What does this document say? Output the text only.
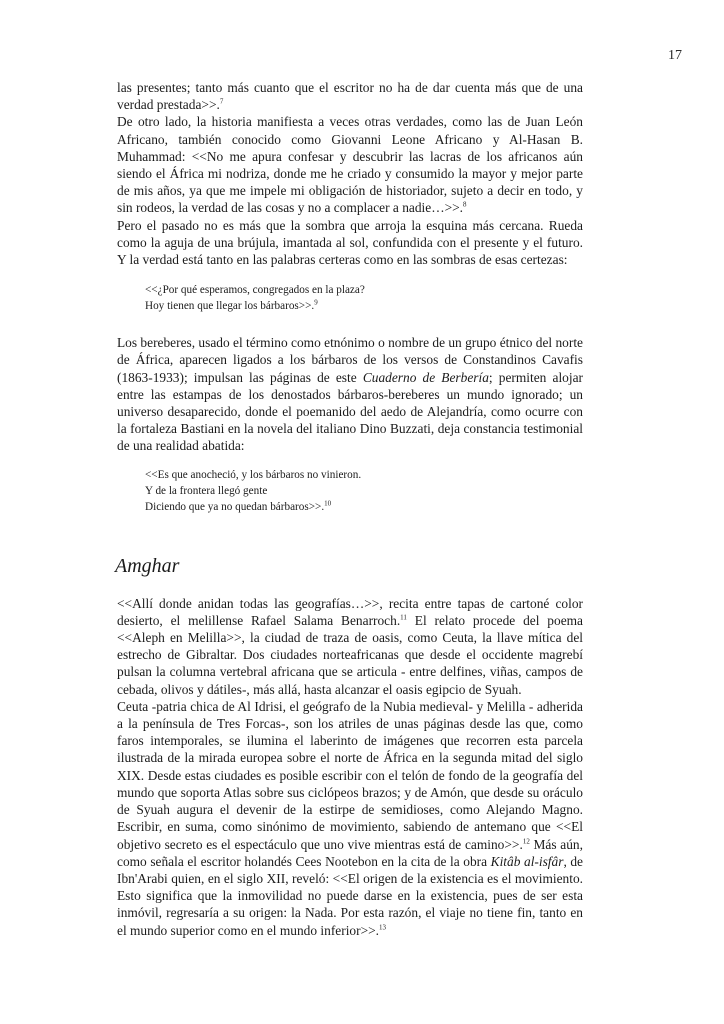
17

las presentes; tanto más cuanto que el escritor no ha de dar cuenta más que de una verdad prestada>>.$^7$

De otro lado, la historia manifiesta a veces otras verdades, como las de Juan León Africano, también conocido como Giovanni Leone Africano y Al-Hasan B. Muhammad: <<No me apura confesar y descubrir las lacras de los africanos aún siendo el África mi nodriza, donde me he criado y consumido la mayor y mejor parte de mis años, ya que me impele mi obligación de historiador, sujeto a decir en todo, y sin rodeos, la verdad de las cosas y no a complacer a nadie…>>.$^8$

Pero el pasado no es más que la sombra que arroja la esquina más cercana. Rueda como la aguja de una brújula, imantada al sol, confundida con el presente y el futuro. Y la verdad está tanto en las palabras certeras como en las sombras de esas certezas:

<<¿Por qué esperamos, congregados en la plaza?
Hoy tienen que llegar los bárbaros>>.$^9$

Los bereberes, usado el término como etnónimo o nombre de un grupo étnico del norte de África, aparecen ligados a los bárbaros de los versos de Constandinos Cavafis (1863-1933); impulsan las páginas de este Cuaderno de Berbería; permiten alojar entre las estampas de los denostados bárbaros-bereberes un mundo ignorado; un universo desaparecido, donde el poemanido del aedo de Alejandría, como ocurre con la fortaleza Bastiani en la novela del italiano Dino Buzzati, deja constancia testimonial de una realidad abatida:

<<Es que anocheció, y los bárbaros no vinieron.
Y de la frontera llegó gente
Diciendo que ya no quedan bárbaros>>.$^{10}$
Amghar

<<Allí donde anidan todas las geografías…>>, recita entre tapas de cartoné color desierto, el melillense Rafael Salama Benarroch.$^{11}$ El relato procede del poema <<Aleph en Melilla>>, la ciudad de traza de oasis, como Ceuta, la llave mítica del estrecho de Gibraltar. Dos ciudades norteafricanas que desde el occidente magrebí pulsan la columna vertebral africana que se articula - entre delfines, viñas, campos de cebada, olivos y dátiles-, más allá, hasta alcanzar el oasis egipcio de Syuah.

Ceuta -patria chica de Al Idrisi, el geógrafo de la Nubia medieval- y Melilla - adherida a la península de Tres Forcas-, son los atriles de unas páginas desde las que, como faros intemporales, se ilumina el laberinto de imágenes que recorren esta parcela ilustrada de la mirada europea sobre el norte de África en la segunda mitad del siglo XIX. Desde estas ciudades es posible escribir con el telón de fondo de la geografía del mundo que soporta Atlas sobre sus ciclópeos brazos; y de Amón, que desde su oráculo de Syuah augura el devenir de la estirpe de semidioses, como Alejando Magno. Escribir, en suma, como sinónimo de movimiento, sabiendo de antemano que <<El objetivo secreto es el espectáculo que uno vive mientras está de camino>>.$^{12}$ Más aún, como señala el escritor holandés Cees Nootebon en la cita de la obra Kitâb al-isfâr, de Ibn'Arabi quien, en el siglo XII, reveló: <<El origen de la existencia es el movimiento. Esto significa que la inmovilidad no puede darse en la existencia, pues de ser esta inmóvil, regresaría a su origen: la Nada. Por esta razón, el viaje no tiene fin, tanto en el mundo superior como en el mundo inferior>>.$^{13}$
